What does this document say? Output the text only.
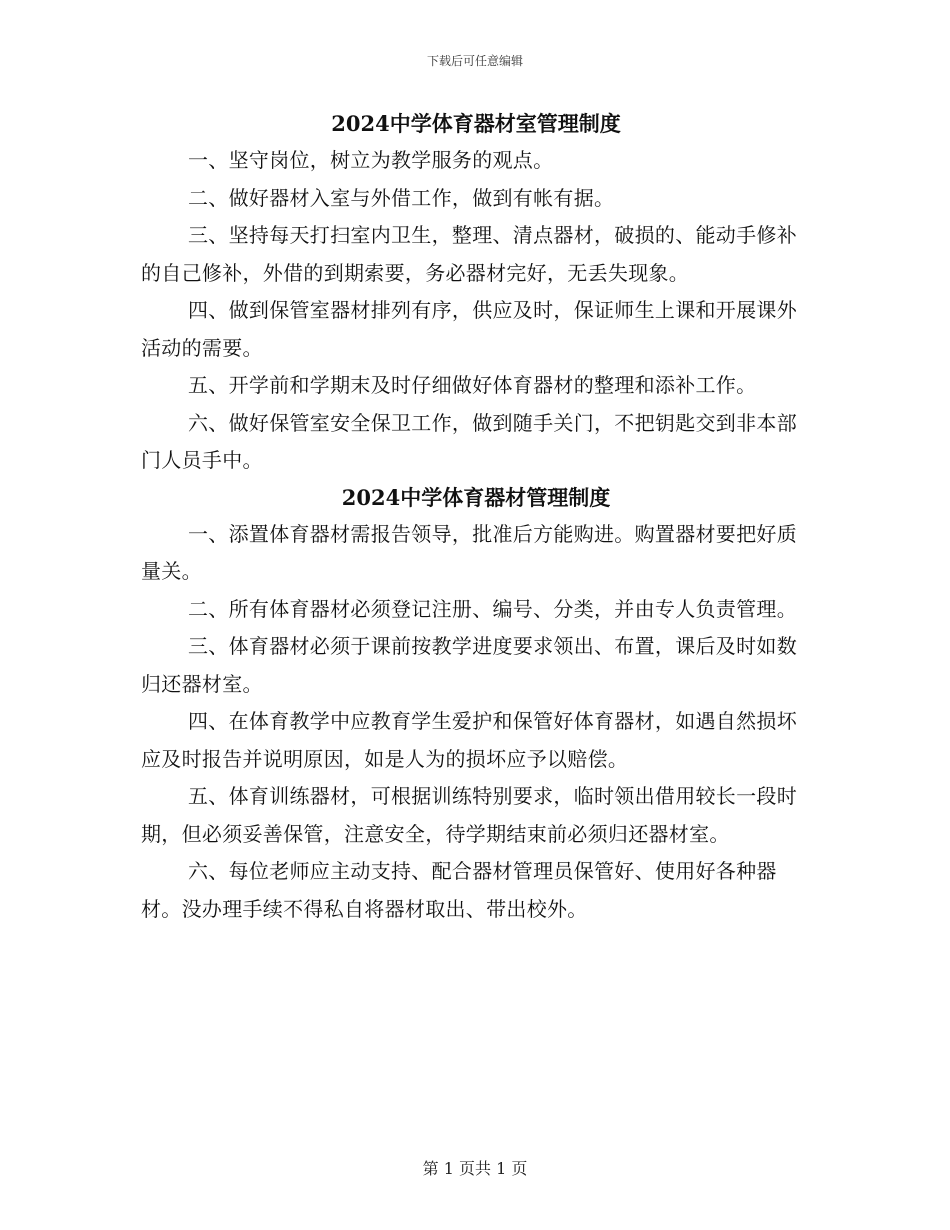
下载后可任意编辑
2024中学体育器材室管理制度

一、坚守岗位，树立为教学服务的观点。

二、做好器材入室与外借工作，做到有帐有据。

三、坚持每天打扫室内卫生，整理、清点器材，破损的、能动手修补的自己修补，外借的到期索要，务必器材完好，无丢失现象。

四、做到保管室器材排列有序，供应及时，保证师生上课和开展课外活动的需要。

五、开学前和学期末及时仔细做好体育器材的整理和添补工作。

六、做好保管室安全保卫工作，做到随手关门，不把钥匙交到非本部门人员手中。

2024中学体育器材管理制度

一、添置体育器材需报告领导，批准后方能购进。购置器材要把好质量关。

二、所有体育器材必须登记注册、编号、分类，并由专人负责管理。

三、体育器材必须于课前按教学进度要求领出、布置，课后及时如数归还器材室。

四、在体育教学中应教育学生爱护和保管好体育器材，如遇自然损坏应及时报告并说明原因，如是人为的损坏应予以赔偿。

五、体育训练器材，可根据训练特别要求，临时领出借用较长一段时期，但必须妥善保管，注意安全，待学期结束前必须归还器材室。

六、每位老师应主动支持、配合器材管理员保管好、使用好各种器材。没办理手续不得私自将器材取出、带出校外。

第 1 页共 1 页
